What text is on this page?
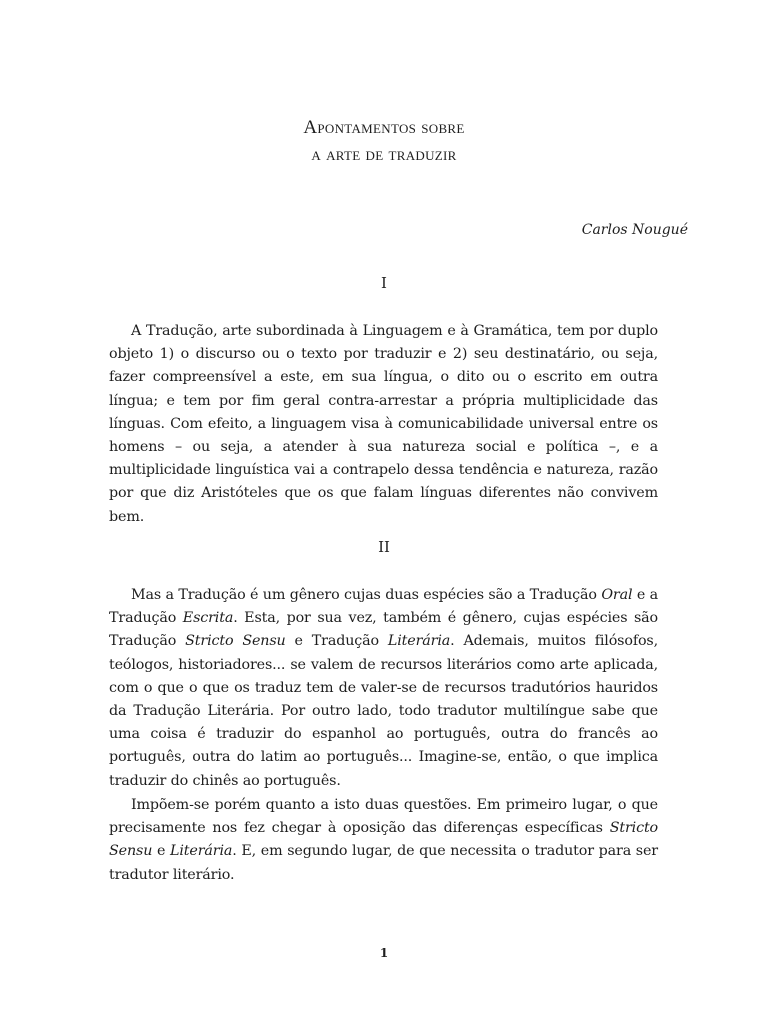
Apontamentos sobre
a arte de traduzir

Carlos Nougué

I

A Tradução, arte subordinada à Linguagem e à Gramática, tem por duplo objeto 1) o discurso ou o texto por traduzir e 2) seu destinatário, ou seja, fazer compreensível a este, em sua língua, o dito ou o escrito em outra língua; e tem por fim geral contra-arrestar a própria multiplicidade das línguas. Com efeito, a linguagem visa à comunicabilidade universal entre os homens – ou seja, a atender à sua natureza social e política –, e a multiplicidade linguística vai a contrapelo dessa tendência e natureza, razão por que diz Aristóteles que os que falam línguas diferentes não convivem bem.

II

Mas a Tradução é um gênero cujas duas espécies são a Tradução Oral e a Tradução Escrita. Esta, por sua vez, também é gênero, cujas espécies são Tradução Stricto Sensu e Tradução Literária. Ademais, muitos filósofos, teólogos, historiadores... se valem de recursos literários como arte aplicada, com o que o que os traduz tem de valer-se de recursos tradutórios hauridos da Tradução Literária. Por outro lado, todo tradutor multilíngue sabe que uma coisa é traduzir do espanhol ao português, outra do francês ao português, outra do latim ao português... Imagine-se, então, o que implica traduzir do chinês ao português.

Impõem-se porém quanto a isto duas questões. Em primeiro lugar, o que precisamente nos fez chegar à oposição das diferenças específicas Stricto Sensu e Literária. E, em segundo lugar, de que necessita o tradutor para ser tradutor literário.

1
